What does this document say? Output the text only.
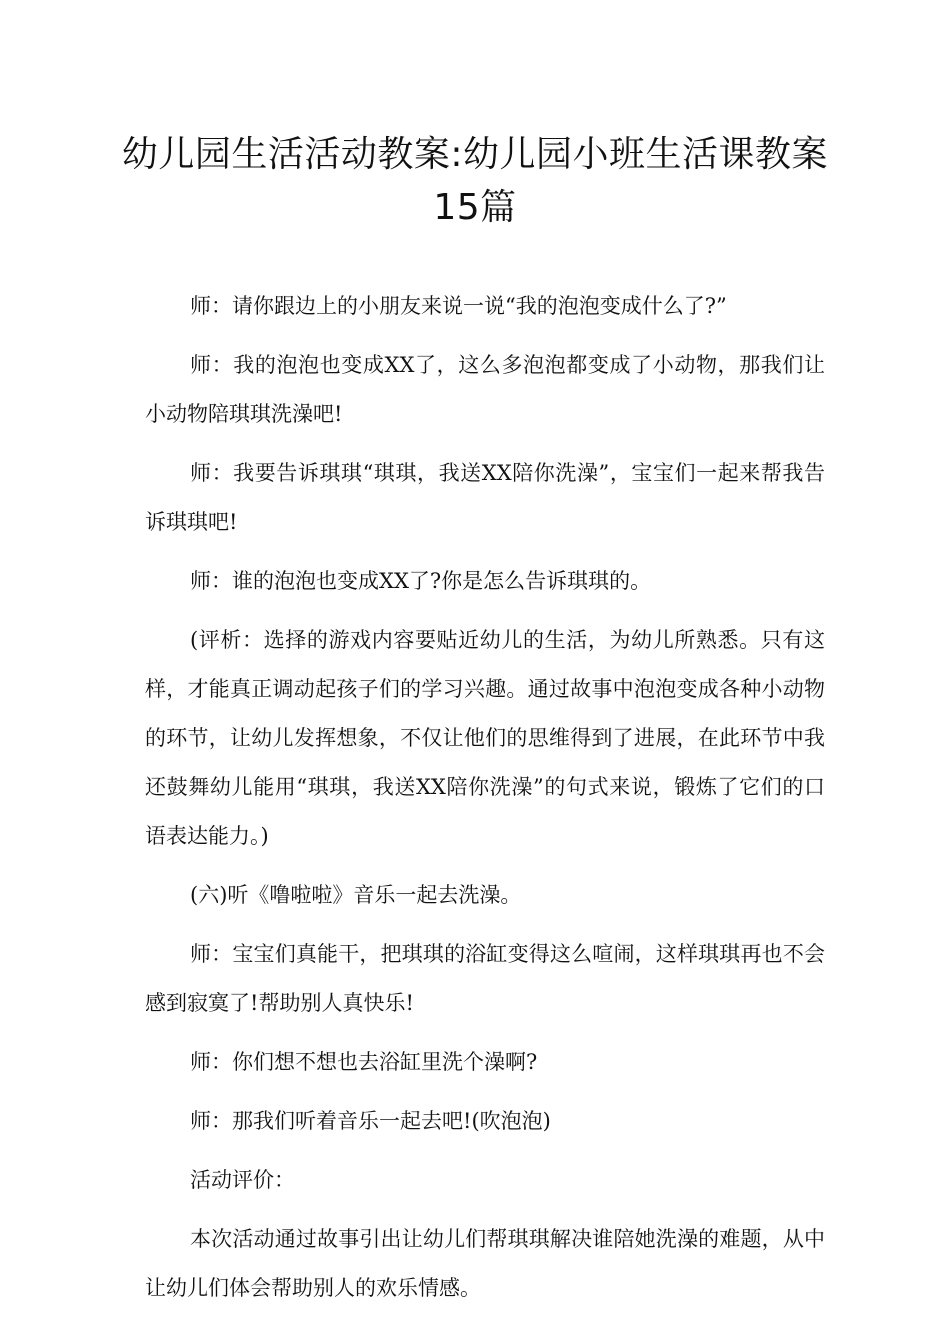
幼儿园生活活动教案:幼儿园小班生活课教案15篇

师：请你跟边上的小朋友来说一说“我的泡泡变成什么了?”

师：我的泡泡也变成XX了，这么多泡泡都变成了小动物，那我们让小动物陪琪琪洗澡吧!

师：我要告诉琪琪“琪琪，我送XX陪你洗澡”，宝宝们一起来帮我告诉琪琪吧!

师：谁的泡泡也变成XX了?你是怎么告诉琪琪的。

(评析：选择的游戏内容要贴近幼儿的生活，为幼儿所熟悉。只有这样，才能真正调动起孩子们的学习兴趣。通过故事中泡泡变成各种小动物的环节，让幼儿发挥想象，不仅让他们的思维得到了进展，在此环节中我还鼓舞幼儿能用“琪琪，我送XX陪你洗澡”的句式来说，锻炼了它们的口语表达能力。)

(六)听《噜啦啦》音乐一起去洗澡。

师：宝宝们真能干，把琪琪的浴缸变得这么喧闹，这样琪琪再也不会感到寂寞了!帮助别人真快乐!

师：你们想不想也去浴缸里洗个澡啊?

师：那我们听着音乐一起去吧!(吹泡泡)

活动评价：

本次活动通过故事引出让幼儿们帮琪琪解决谁陪她洗澡的难题，从中让幼儿们体会帮助别人的欢乐情感。
